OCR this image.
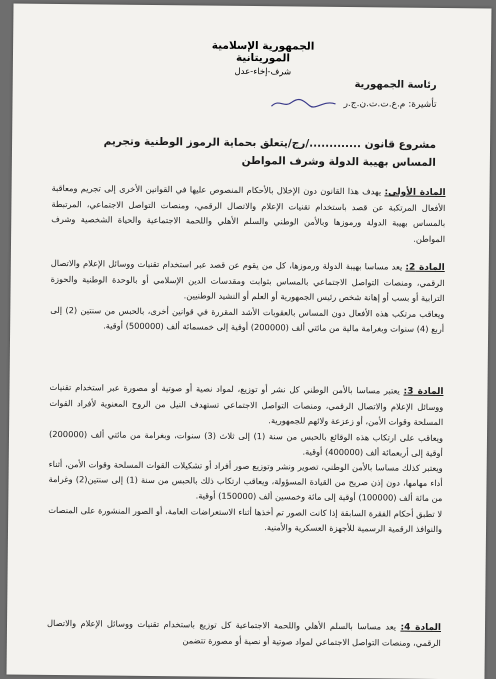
الجمهورية الإسلامية الموريتانية
شرف-إخاء-عدل
رئاسة الجمهورية
تأشيرة: م.ع.ت.ت.ن.ج.ر
مشروع قانون ............./رج/يتعلق بحماية الرموز الوطنية وتجريم المساس بهيبة الدولة وشرف المواطن

المادة الأولى: يهدف هذا القانون دون الإخلال بالأحكام المنصوص عليها في القوانين الأخرى إلى تجريم ومعاقبة الأفعال المرتكبة عن قصد باستخدام تقنيات الإعلام والاتصال الرقمي، ومنصات التواصل الاجتماعي، المرتبطة بالمساس بهيبة الدولة ورموزها وبالأمن الوطني والسلم الأهلي واللحمة الاجتماعية والحياة الشخصية وشرف المواطن.

المادة 2: يعد مساسا بهيبة الدولة ورموزها، كل من يقوم عن قصد عبر استخدام تقنيات ووسائل الإعلام والاتصال الرقمي، ومنصات التواصل الاجتماعي بالمساس بثوابت ومقدسات الدين الإسلامي أو بالوحدة الوطنية والحوزة الترابية أو بسب أو إهانة شخص رئيس الجمهورية أو العلم أو النشيد الوطنيين.

ويعاقب مرتكب هذه الأفعال دون المساس بالعقوبات الأشد المقررة في قوانين أخرى، بالحبس من سنتين (2) إلى أربع (4) سنوات وبغرامة مالية من مائتي ألف (200000) أوقية إلى خمسمائة ألف (500000) أوقية.

المادة 3: يعتبر مساسا بالأمن الوطني كل نشر أو توزيع، لمواد نصية أو صوتية أو مصورة عبر استخدام تقنيات ووسائل الإعلام والاتصال الرقمي، ومنصات التواصل الاجتماعي تستهدف النيل من الروح المعنوية لأفراد القوات المسلحة وقوات الأمن، أو زعزعة ولائهم للجمهورية.

ويعاقب على ارتكاب هذه الوقائع بالحبس من سنة (1) إلى ثلاث (3) سنوات، وبغرامة من مائتي ألف (200000) أوقية إلى أربعمائة ألف (400000) أوقية.

ويعتبر كذلك مساسا بالأمن الوطني، تصوير ونشر وتوزيع صور أفراد أو تشكيلات القوات المسلحة وقوات الأمن، أثناء أداء مهامها، دون إذن صريح من القيادة المسؤولة، ويعاقب ارتكاب ذلك بالحبس من سنة (1) إلى سنتين(2) وغرامة من مائة ألف (100000) أوقية إلى مائة وخمسين ألف (150000) أوقية.

لا تطبق أحكام الفقرة السابقة إذا كانت الصور تم أخذها أثناء الاستعراضات العامة، أو الصور المنشورة على المنصات والنوافذ الرقمية الرسمية للأجهزة العسكرية والأمنية.

المادة 4: يعد مساسا بالسلم الأهلي واللحمة الاجتماعية كل توزيع باستخدام تقنيات ووسائل الإعلام والاتصال الرقمي، ومنصات التواصل الاجتماعي لمواد صوتية أو نصية أو مصورة تتضمن
